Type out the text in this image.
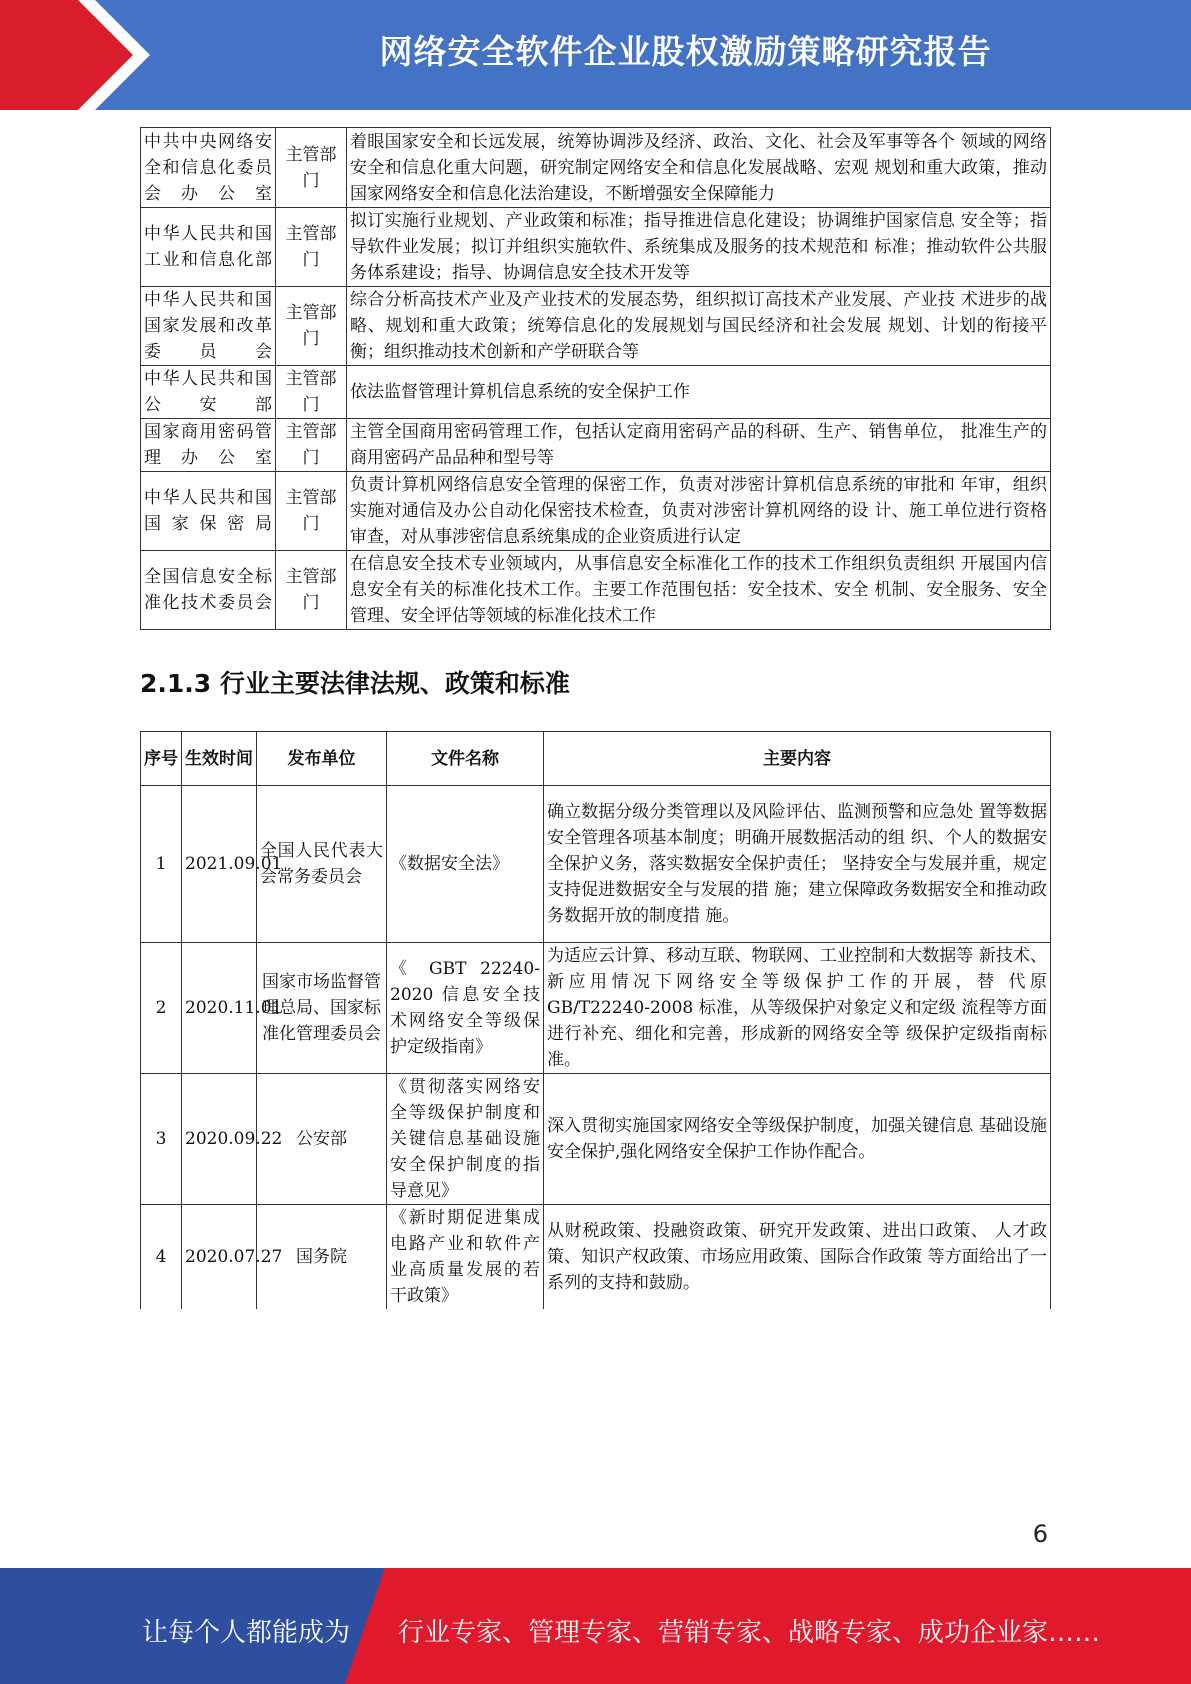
网络安全软件企业股权激励策略研究报告
中共中央网络安全和信息化委员会办公室	主管部门	着眼国家安全和长远发展，统筹协调涉及经济、政治、文化、社会及军事等各个 领域的网络安全和信息化重大问题，研究制定网络安全和信息化发展战略、宏观 规划和重大政策，推动国家网络安全和信息化法治建设，不断增强安全保障能力
中华人民共和国工业和信息化部	主管部门	拟订实施行业规划、产业政策和标准；指导推进信息化建设；协调维护国家信息 安全等；指导软件业发展；拟订并组织实施软件、系统集成及服务的技术规范和 标准；推动软件公共服务体系建设；指导、协调信息安全技术开发等
中华人民共和国国家发展和改革委员会	主管部门	综合分析高技术产业及产业技术的发展态势，组织拟订高技术产业发展、产业技 术进步的战略、规划和重大政策；统筹信息化的发展规划与国民经济和社会发展 规划、计划的衔接平衡；组织推动技术创新和产学研联合等
中华人民共和国公安部	主管部门	依法监督管理计算机信息系统的安全保护工作
国家商用密码管理办公室	主管部门	主管全国商用密码管理工作，包括认定商用密码产品的科研、生产、销售单位， 批准生产的商用密码产品品种和型号等
中华人民共和国国家保密局	主管部门	负责计算机网络信息安全管理的保密工作，负责对涉密计算机信息系统的审批和 年审，组织实施对通信及办公自动化保密技术检查，负责对涉密计算机网络的设 计、施工单位进行资格审查，对从事涉密信息系统集成的企业资质进行认定
全国信息安全标准化技术委员会	主管部门	在信息安全技术专业领域内，从事信息安全标准化工作的技术工作组织负责组织 开展国内信息安全有关的标准化技术工作。主要工作范围包括：安全技术、安全 机制、安全服务、安全管理、安全评估等领域的标准化技术工作
2.1.3 行业主要法律法规、政策和标准
序号	生效时间	发布单位	文件名称	主要内容
1	2021.09.01	全国人民代表大会常务委员会	《数据安全法》	确立数据分级分类管理以及风险评估、监测预警和应急处 置等数据安全管理各项基本制度；明确开展数据活动的组 织、个人的数据安全保护义务，落实数据安全保护责任； 坚持安全与发展并重，规定支持促进数据安全与发展的措 施；建立保障政务数据安全和推动政务数据开放的制度措 施。
2	2020.11.01	国家市场监督管理总局、国家标准化管理委员会	《 GBT 22240-2020 信息安全技术网络安全等级保护定级指南》	为适应云计算、移动互联、物联网、工业控制和大数据等 新技术、新应用情况下网络安全等级保护工作的开展，替 代原 GB/T22240-2008 标准，从等级保护对象定义和定级 流程等方面进行补充、细化和完善，形成新的网络安全等 级保护定级指南标准。
3	2020.09.22	公安部	《贯彻落实网络安全等级保护制度和关键信息基础设施安全保护制度的指导意见》	深入贯彻实施国家网络安全等级保护制度，加强关键信息 基础设施安全保护,强化网络安全保护工作协作配合。
4	2020.07.27	国务院	《新时期促进集成电路产业和软件产业高质量发展的若干政策》	从财税政策、投融资政策、研究开发政策、进出口政策、 人才政策、知识产权政策、市场应用政策、国际合作政策 等方面给出了一系列的支持和鼓励。
6
让每个人都能成为 行业专家、管理专家、营销专家、战略专家、成功企业家……
